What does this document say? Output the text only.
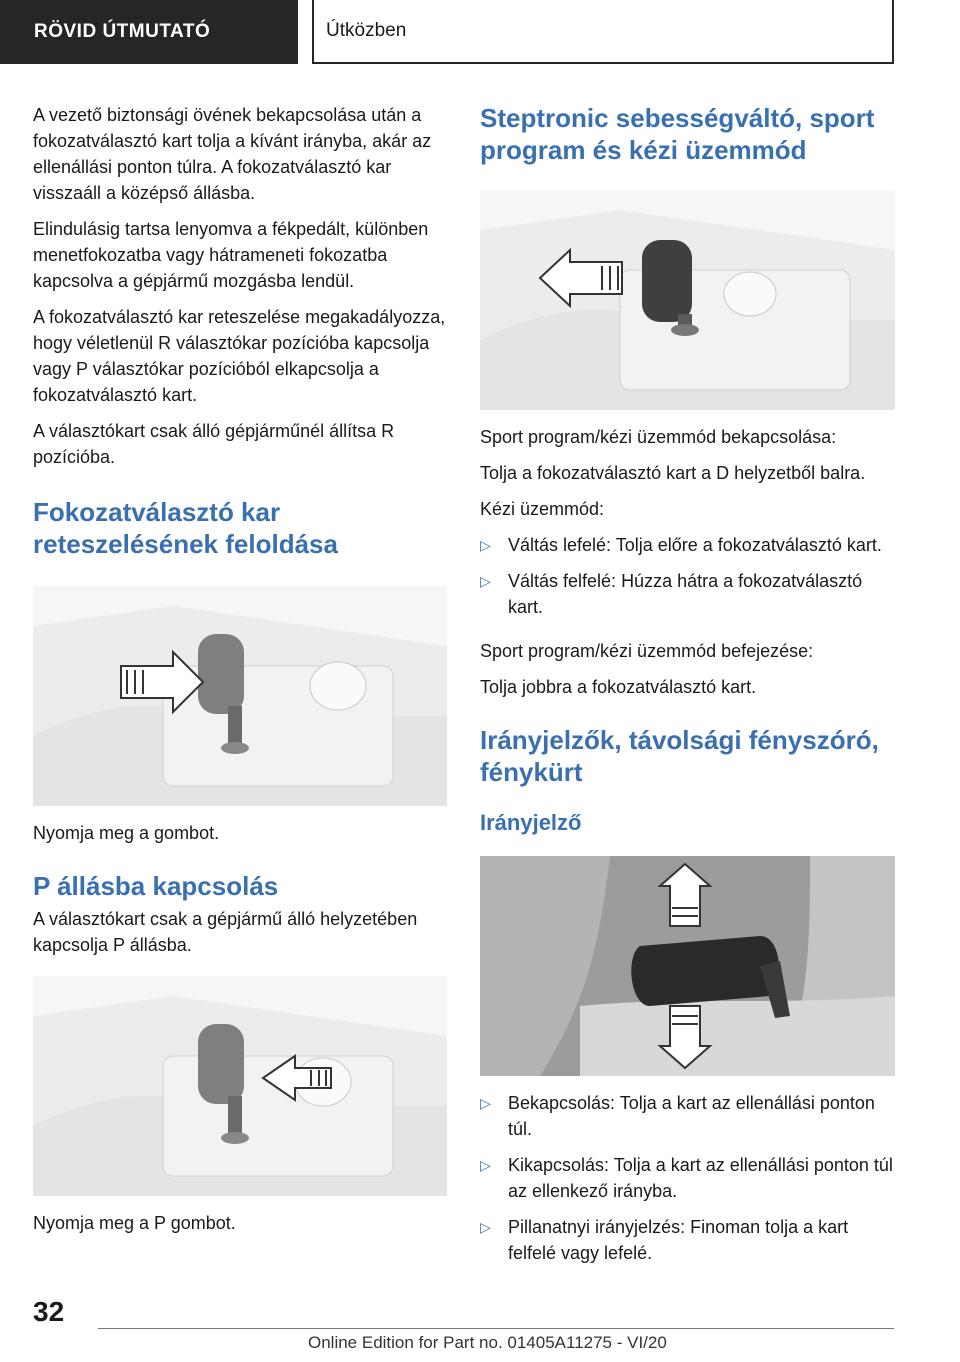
RÖVID ÚTMUTATÓ	Útközben

A vezető biztonsági övének bekapcsolása után a fokozatválasztó kart tolja a kívánt irányba, akár az ellenállási ponton túlra. A fokozatválasztó kar visszaáll a középső állásba.

Elindulásig tartsa lenyomva a fékpedált, különben menetfokozatba vagy hátrameneti fokozatba kapcsolva a gépjármű mozgásba lendül.

A fokozatválasztó kar reteszelése megakadályozza, hogy véletlenül R választókar pozícióba kapcsolja vagy P választókar pozícióból elkapcsolja a fokozatválasztó kart.

A választókart csak álló gépjárműnél állítsa R pozícióba.

Fokozatválasztó kar reteszelésének feloldása

Nyomja meg a gombot.

P állásba kapcsolás

A választókart csak a gépjármű álló helyzetében kapcsolja P állásba.

Nyomja meg a P gombot.

Steptronic sebességváltó, sport program és kézi üzemmód

Sport program/kézi üzemmód bekapcsolása:

Tolja a fokozatválasztó kart a D helyzetből balra.

Kézi üzemmód:

▷ Váltás lefelé: Tolja előre a fokozatválasztó kart.
▷ Váltás felfelé: Húzza hátra a fokozatválasztó kart.

Sport program/kézi üzemmód befejezése:

Tolja jobbra a fokozatválasztó kart.

Irányjelzők, távolsági fényszóró, fénykürt
Irányjelző
▷ Bekapcsolás: Tolja a kart az ellenállási ponton túl.
▷ Kikapcsolás: Tolja a kart az ellenállási ponton túl az ellenkező irányba.
▷ Pillanatnyi irányjelzés: Finoman tolja a kart felfelé vagy lefelé.
32
Online Edition for Part no. 01405A11275 - VI/20
